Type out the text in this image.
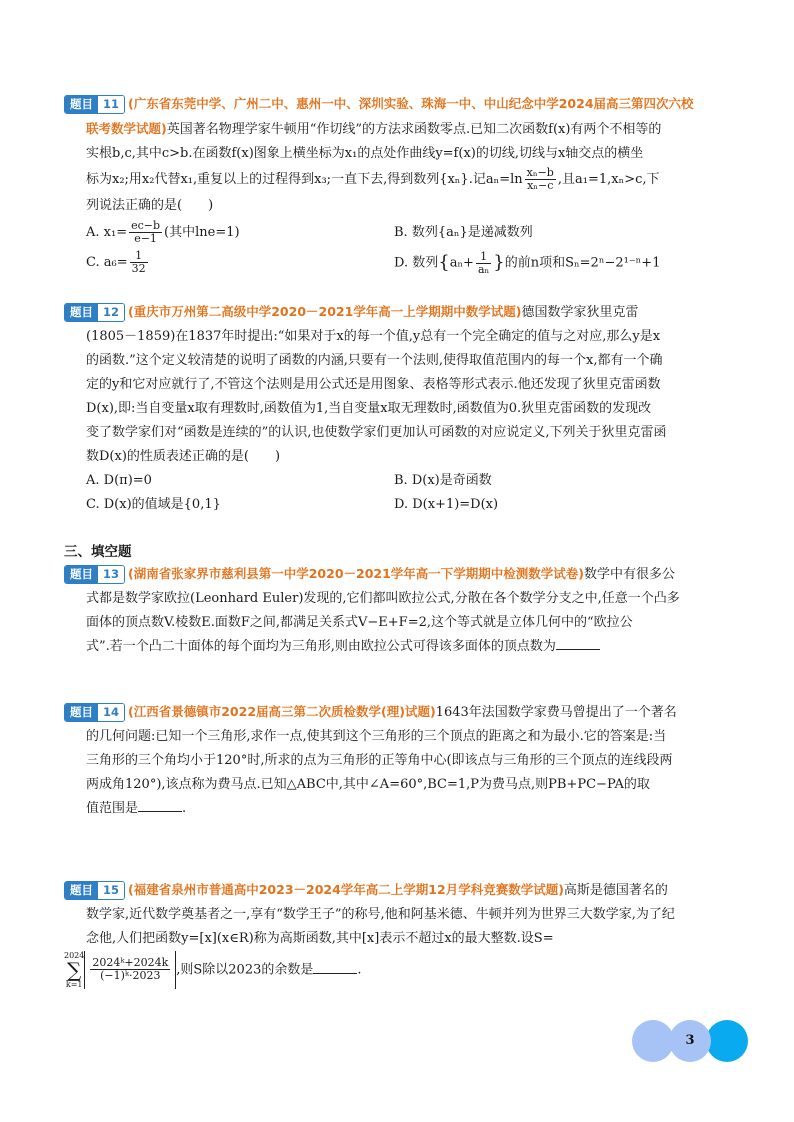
题目 11 (广东省东莞中学、广州二中、惠州一中、深圳实验、珠海一中、中山纪念中学2024届高三第四次六校
联考数学试题)英国著名物理学家牛顿用“作切线”的方法求函数零点.已知二次函数f(x)有两个不相等的
实根b,c,其中c>b.在函数f(x)图象上横坐标为x₁的点处作曲线y=f(x)的切线,切线与x轴交点的横坐
标为x₂;用x₂代替x₁,重复以上的过程得到x₃;一直下去,得到数列{xₙ}.记$a_n=\ln \frac{\text{xₙ−b}}{\text{xₙ−c}}$ ,且a₁=1,xₙ>c,下
列说法正确的是(　　)
A. $x_1= \frac{ec-b}{e-1}$ (其中lne=1)	B. 数列{aₙ}是递减数列
C. $a_6= \frac{1}{32}$	D. 数列{$a_n+ \frac{1}{\text{aₙ}}$ }的前n项和Sₙ=2ⁿ−2¹⁻ⁿ+1
题目 12 (重庆市万州第二高级中学2020－2021学年高一上学期期中数学试题)德国数学家狄里克雷
(1805－1859)在1837年时提出:“如果对于x的每一个值,y总有一个完全确定的值与之对应,那么y是x
的函数.”这个定义较清楚的说明了函数的内涵,只要有一个法则,使得取值范围内的每一个x,都有一个确
定的y和它对应就行了,不管这个法则是用公式还是用图象、表格等形式表示.他还发现了狄里克雷函数
D(x),即:当自变量x取有理数时,函数值为1,当自变量x取无理数时,函数值为0.狄里克雷函数的发现改
变了数学家们对“函数是连续的”的认识,也使数学家们更加认可函数的对应说定义,下列关于狄里克雷函
数D(x)的性质表述正确的是(　　)
A. D(π)=0	B. D(x)是奇函数
C. D(x)的值域是{0,1}	D. D(x+1)=D(x)
三、填空题
题目 13 (湖南省张家界市慈利县第一中学2020－2021学年高一下学期期中检测数学试卷)数学中有很多公
式都是数学家欧拉(Leonhard Euler)发现的,它们都叫欧拉公式,分散在各个数学分支之中,任意一个凸多
面体的顶点数V.棱数E.面数F之间,都满足关系式V−E+F=2,这个等式就是立体几何中的“欧拉公
式”.若一个凸二十面体的每个面均为三角形,则由欧拉公式可得该多面体的顶点数为
题目 14 (江西省景德镇市2022届高三第二次质检数学(理)试题)1643年法国数学家费马曾提出了一个著名
的几何问题:已知一个三角形,求作一点,使其到这个三角形的三个顶点的距离之和为最小.它的答案是:当
三角形的三个角均小于120°时,所求的点为三角形的正等角中心(即该点与三角形的三个顶点的连线段两
两成角120°),该点称为费马点.已知△ABC中,其中∠A=60°,BC=1,P为费马点,则PB+PC−PA的取
值范围是	.
题目 15 (福建省泉州市普通高中2023－2024学年高二上学期12月学科竞赛数学试题)高斯是德国著名的
数学家,近代数学奠基者之一,享有“数学王子”的称号,他和阿基米德、牛顿并列为世界三大数学家,为了纪
念他,人们把函数y=[x](x∈R)称为高斯函数,其中[x]表示不超过x的最大整数.设S=
2024
∑
k=1
$\frac{\text{2024ᵏ+2024k}}{\text{(−1)ᵏ·2023}}$ ,则S除以2023的余数是	.
3
